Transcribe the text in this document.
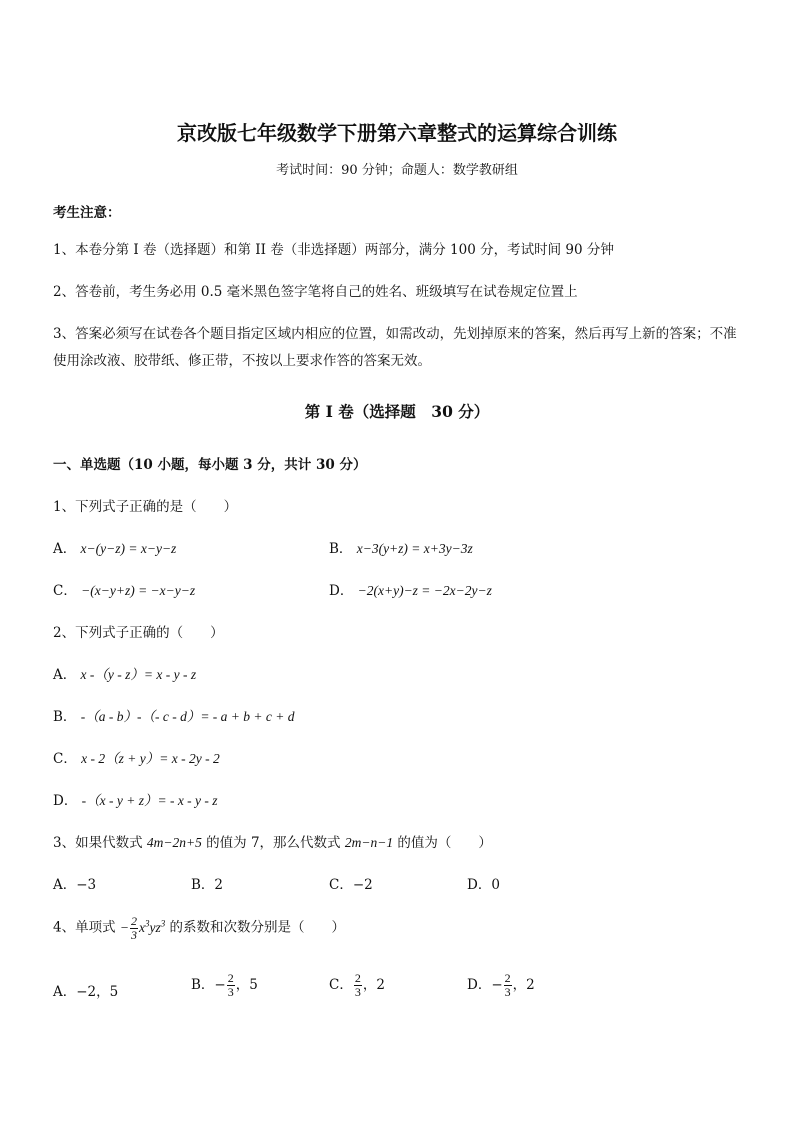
京改版七年级数学下册第六章整式的运算综合训练
考试时间：90 分钟；命题人：数学教研组
考生注意：
1、本卷分第 I 卷（选择题）和第 II 卷（非选择题）两部分，满分 100 分，考试时间 90 分钟
2、答卷前，考生务必用 0.5 毫米黑色签字笔将自己的姓名、班级填写在试卷规定位置上
3、答案必须写在试卷各个题目指定区域内相应的位置，如需改动，先划掉原来的答案，然后再写上新的答案；不准使用涂改液、胶带纸、修正带，不按以上要求作答的答案无效。
第 I 卷（选择题　30 分）
一、单选题（10 小题，每小题 3 分，共计 30 分）
1、下列式子正确的是（　　）
A． x−(y−z) = x−y−z	B． x−3(y+z) = x+3y−3z
C． −(x−y+z) = −x−y−z	D． −2(x+y)−z = −2x−2y−z
2、下列式子正确的（　　）
A． x -（y - z）= x - y - z
B． -（a - b）-（- c - d）= - a + b + c + d
C． x - 2（z + y）= x - 2y - 2
D． -（x - y + z）= - x - y - z
3、如果代数式 4m−2n+5 的值为 7，那么代数式 2m−n−1 的值为（　　）
A．−3	B．2	C．−2	D．0
4、单项式 − $\frac{2}{3} x^3yz^3$ 的系数和次数分别是（　　）
A．−2，5	B．− $\frac{2}{3}$ ，5	C． $\frac{2}{3}$ ，2	D．− $\frac{2}{3}$ ，2
